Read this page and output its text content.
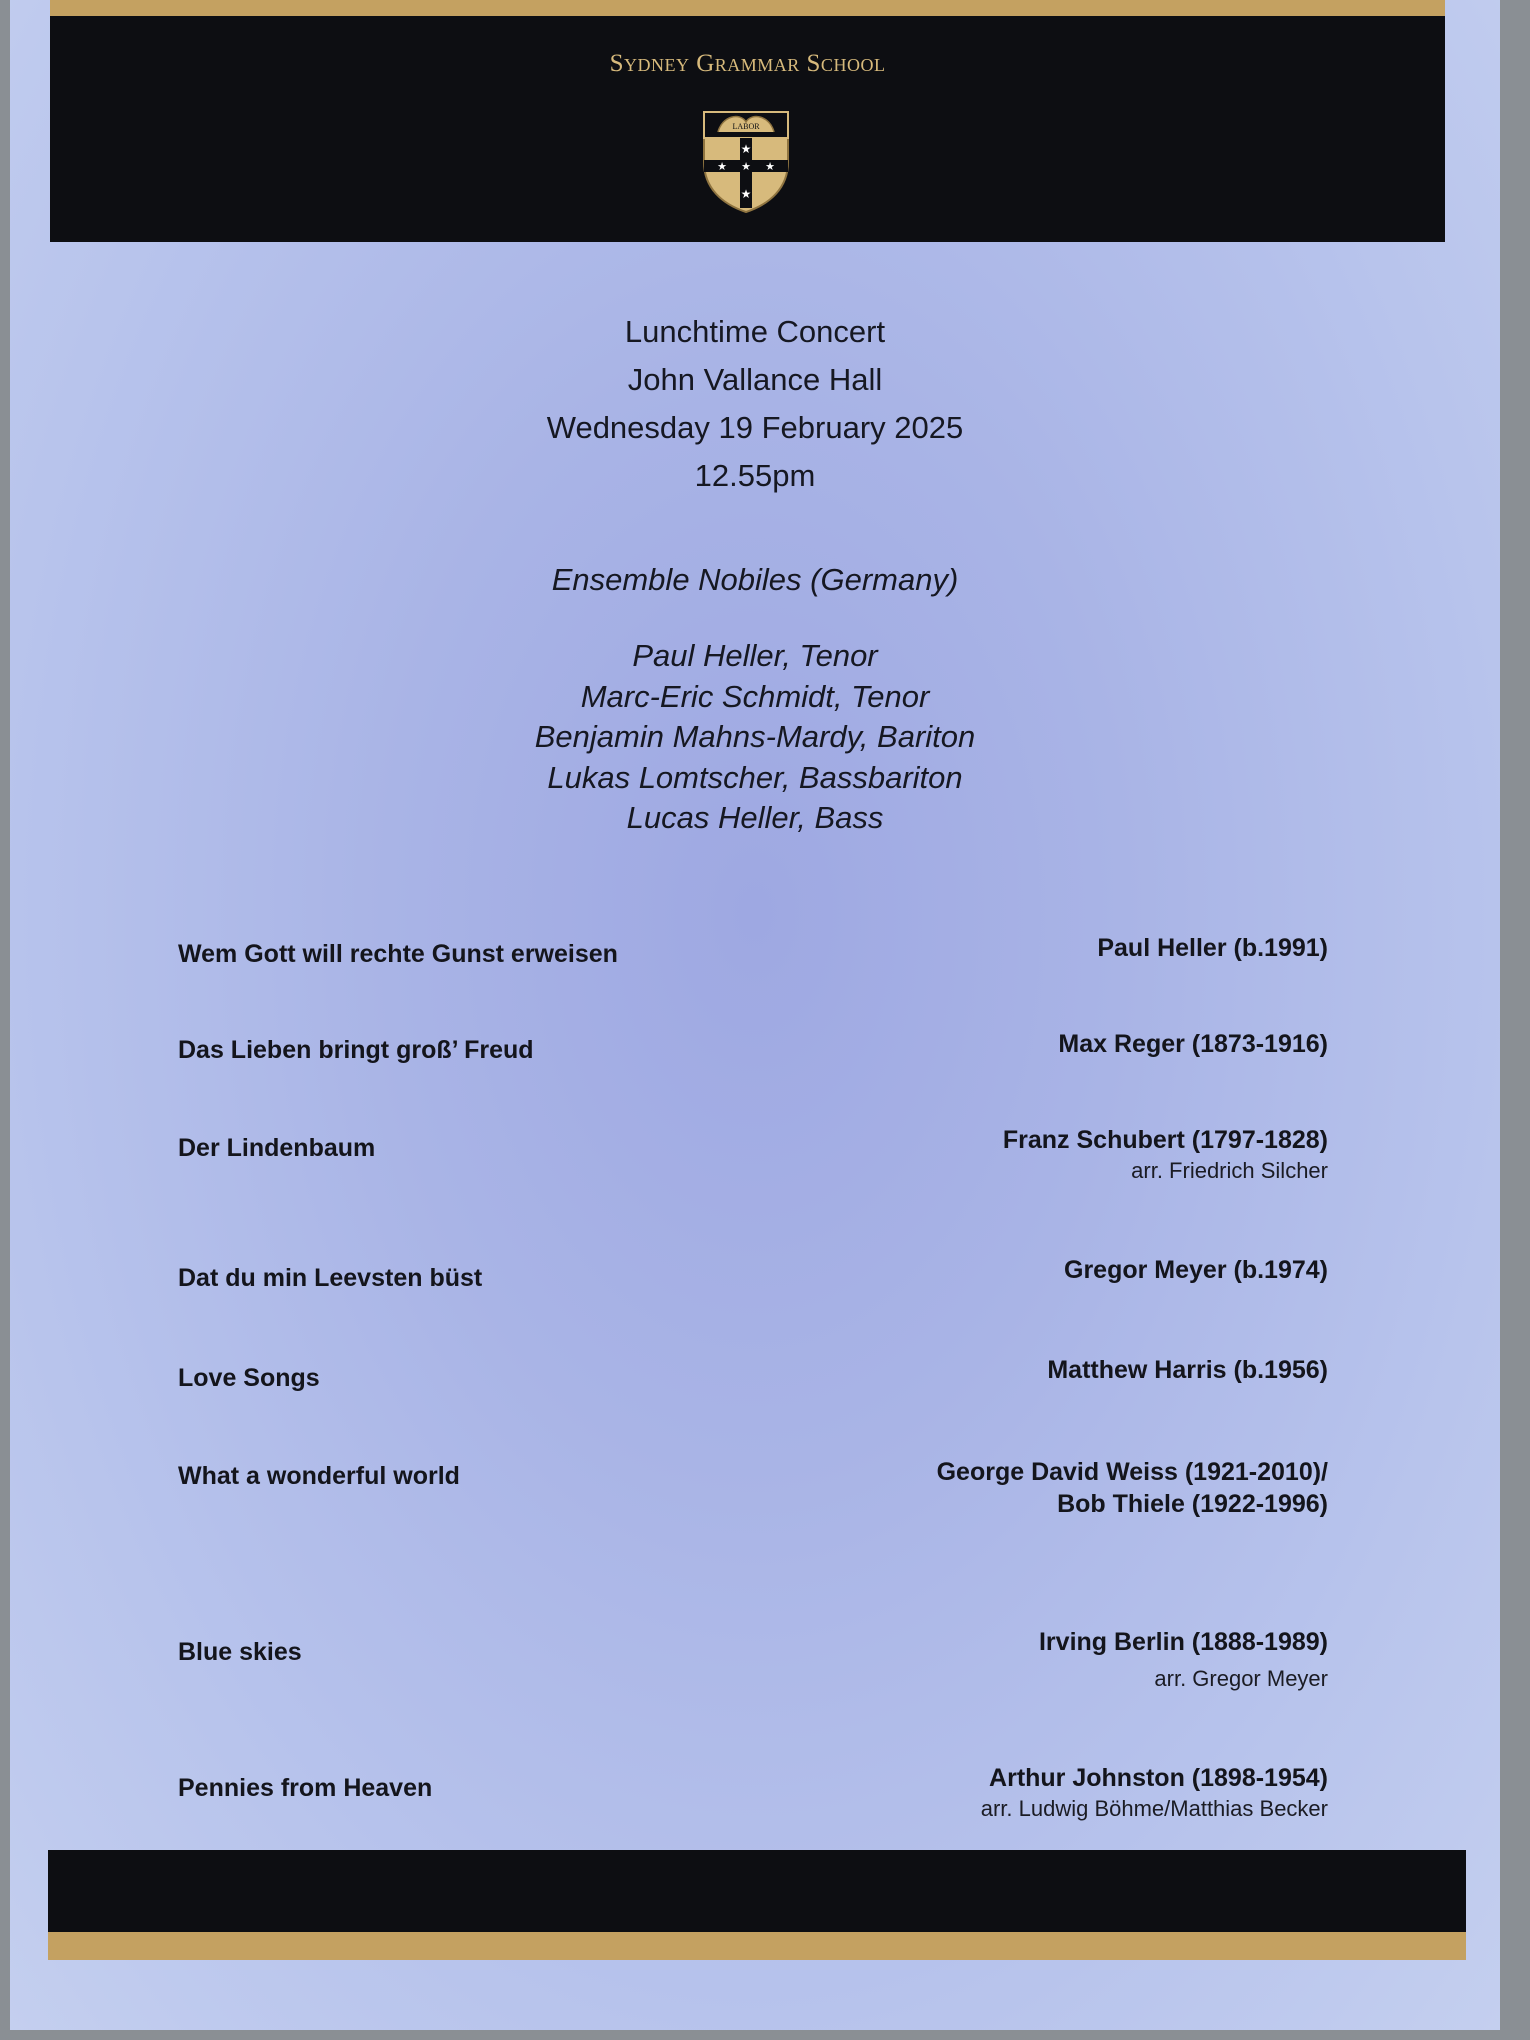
Sydney Grammar School
LABOR
★
★	★
★
★
Lunchtime Concert
John Vallance Hall
Wednesday 19 February 2025
12.55pm
Ensemble Nobiles (Germany)
Paul Heller, Tenor
Marc-Eric Schmidt, Tenor
Benjamin Mahns-Mardy, Bariton
Lukas Lomtscher, Bassbariton
Lucas Heller, Bass
Wem Gott will rechte Gunst erweisen	Paul Heller (b.1991)
Das Lieben bringt groß’ Freud	Max Reger (1873-1916)
Der Lindenbaum	Franz Schubert (1797-1828)
arr. Friedrich Silcher
Dat du min Leevsten büst	Gregor Meyer (b.1974)
Love Songs	Matthew Harris (b.1956)
What a wonderful world	George David Weiss (1921-2010)/
Bob Thiele (1922-1996)
Blue skies	Irving Berlin (1888-1989)
arr. Gregor Meyer
Pennies from Heaven	Arthur Johnston (1898-1954)
arr. Ludwig Böhme/Matthias Becker
